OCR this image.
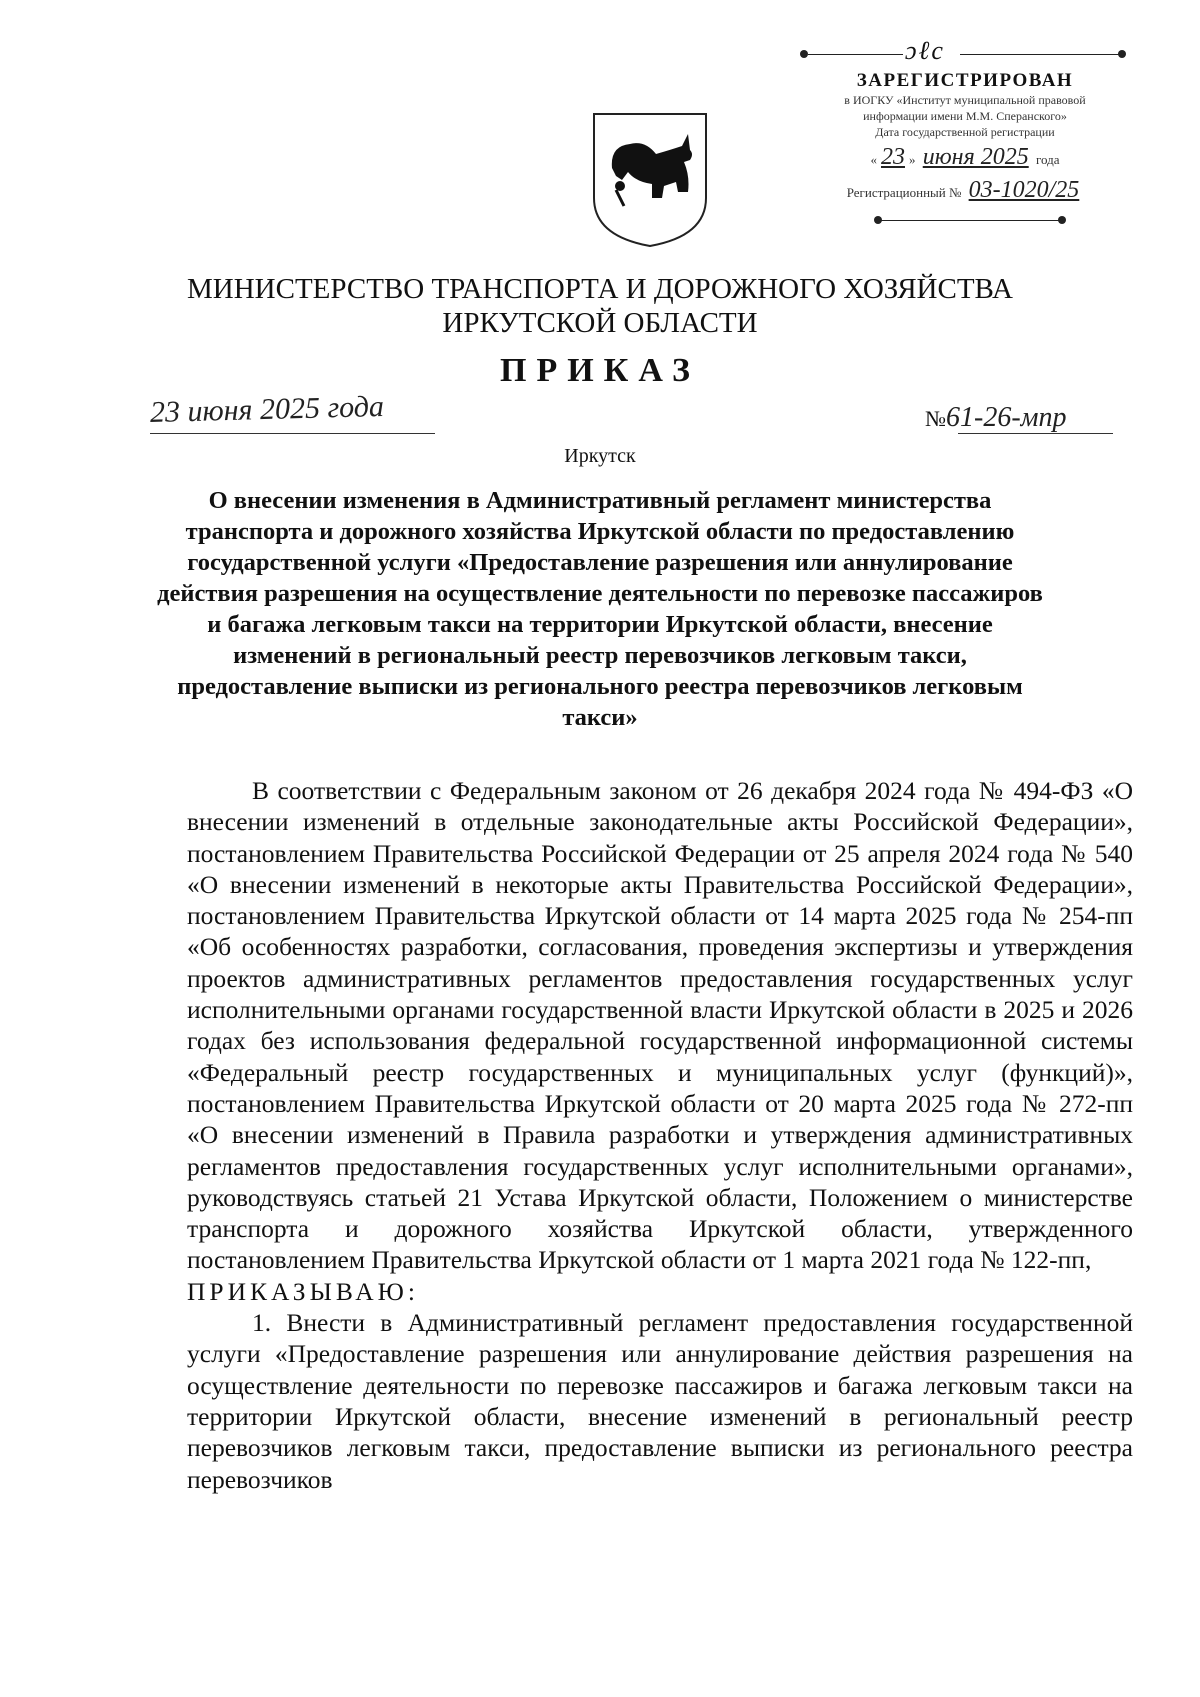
ɔℓc
ЗАРЕГИСТРИРОВАН
в ИОГКУ «Институт муниципальной правовой
информации имени М.М. Сперанского»
Дата государственной регистрации
« 23 » июня 2025 года
Регистрационный № 03-1020/25
МИНИСТЕРСТВО ТРАНСПОРТА И ДОРОЖНОГО ХОЗЯЙСТВА
ИРКУТСКОЙ ОБЛАСТИ
ПРИКАЗ
23 июня 2025 года	№61-26-мпр
Иркутск
О внесении изменения в Административный регламент министерства транспорта и дорожного хозяйства Иркутской области по предоставлению государственной услуги «Предоставление разрешения или аннулирование действия разрешения на осуществление деятельности по перевозке пассажиров и багажа легковым такси на территории Иркутской области, внесение изменений в региональный реестр перевозчиков легковым такси, предоставление выписки из регионального реестра перевозчиков легковым такси»

В соответствии с Федеральным законом от 26 декабря 2024 года № 494-ФЗ «О внесении изменений в отдельные законодательные акты Российской Федерации», постановлением Правительства Российской Федерации от 25 апреля 2024 года № 540 «О внесении изменений в некоторые акты Правительства Российской Федерации», постановлением Правительства Иркутской области от 14 марта 2025 года № 254-пп «Об особенностях разработки, согласования, проведения экспертизы и утверждения проектов административных регламентов предоставления государственных услуг исполнительными органами государственной власти Иркутской области в 2025 и 2026 годах без использования федеральной государственной информационной системы «Федеральный реестр государственных и муниципальных услуг (функций)», постановлением Правительства Иркутской области от 20 марта 2025 года № 272-пп «О внесении изменений в Правила разработки и утверждения административных регламентов предоставления государственных услуг исполнительными органами», руководствуясь статьей 21 Устава Иркутской области, Положением о министерстве транспорта и дорожного хозяйства Иркутской области, утвержденного постановлением Правительства Иркутской области от 1 марта 2021 года № 122-пп,

ПРИКАЗЫВАЮ:

1. Внести в Административный регламент предоставления государственной услуги «Предоставление разрешения или аннулирование действия разрешения на осуществление деятельности по перевозке пассажиров и багажа легковым такси на территории Иркутской области, внесение изменений в региональный реестр перевозчиков легковым такси, предоставление выписки из регионального реестра перевозчиков
